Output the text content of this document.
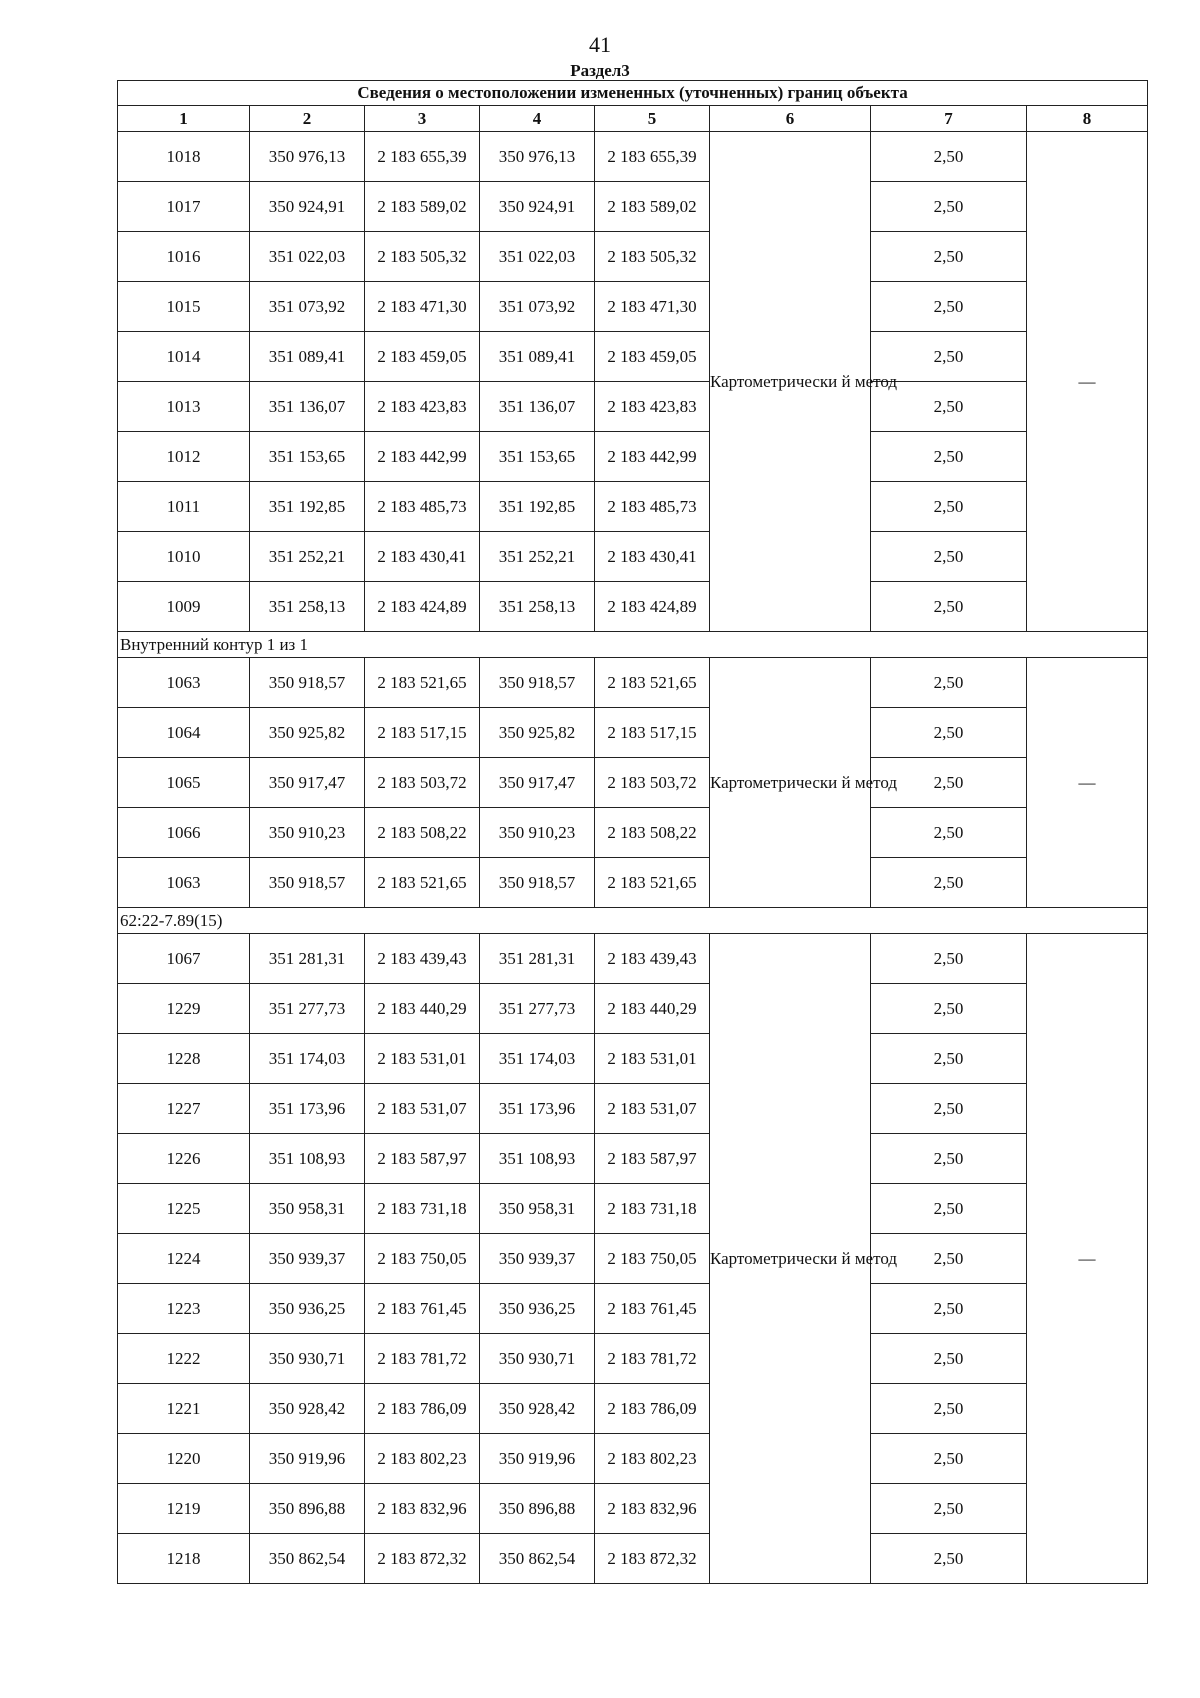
41
Раздел3
Сведения о местоположении измененных (уточненных) границ объекта							
1	2	3	4	5	6	7	8
1018	350 976,13	2 183 655,39	350 976,13	2 183 655,39	Картометрически й метод	2,50	—
1017	350 924,91	2 183 589,02	350 924,91	2 183 589,02		2,50	
1016	351 022,03	2 183 505,32	351 022,03	2 183 505,32		2,50	
1015	351 073,92	2 183 471,30	351 073,92	2 183 471,30		2,50	
1014	351 089,41	2 183 459,05	351 089,41	2 183 459,05		2,50	
1013	351 136,07	2 183 423,83	351 136,07	2 183 423,83		2,50	
1012	351 153,65	2 183 442,99	351 153,65	2 183 442,99		2,50	
1011	351 192,85	2 183 485,73	351 192,85	2 183 485,73		2,50	
1010	351 252,21	2 183 430,41	351 252,21	2 183 430,41		2,50	
1009	351 258,13	2 183 424,89	351 258,13	2 183 424,89		2,50	
Внутренний контур 1 из 1							
1063	350 918,57	2 183 521,65	350 918,57	2 183 521,65	Картометрически й метод	2,50	—
1064	350 925,82	2 183 517,15	350 925,82	2 183 517,15		2,50	
1065	350 917,47	2 183 503,72	350 917,47	2 183 503,72		2,50	
1066	350 910,23	2 183 508,22	350 910,23	2 183 508,22		2,50	
1063	350 918,57	2 183 521,65	350 918,57	2 183 521,65		2,50	
62:22-7.89(15)							
1067	351 281,31	2 183 439,43	351 281,31	2 183 439,43	Картометрически й метод	2,50	—
1229	351 277,73	2 183 440,29	351 277,73	2 183 440,29		2,50	
1228	351 174,03	2 183 531,01	351 174,03	2 183 531,01		2,50	
1227	351 173,96	2 183 531,07	351 173,96	2 183 531,07		2,50	
1226	351 108,93	2 183 587,97	351 108,93	2 183 587,97		2,50	
1225	350 958,31	2 183 731,18	350 958,31	2 183 731,18		2,50	
1224	350 939,37	2 183 750,05	350 939,37	2 183 750,05		2,50	
1223	350 936,25	2 183 761,45	350 936,25	2 183 761,45		2,50	
1222	350 930,71	2 183 781,72	350 930,71	2 183 781,72		2,50	
1221	350 928,42	2 183 786,09	350 928,42	2 183 786,09		2,50	
1220	350 919,96	2 183 802,23	350 919,96	2 183 802,23		2,50	
1219	350 896,88	2 183 832,96	350 896,88	2 183 832,96		2,50	
1218	350 862,54	2 183 872,32	350 862,54	2 183 872,32		2,50	
